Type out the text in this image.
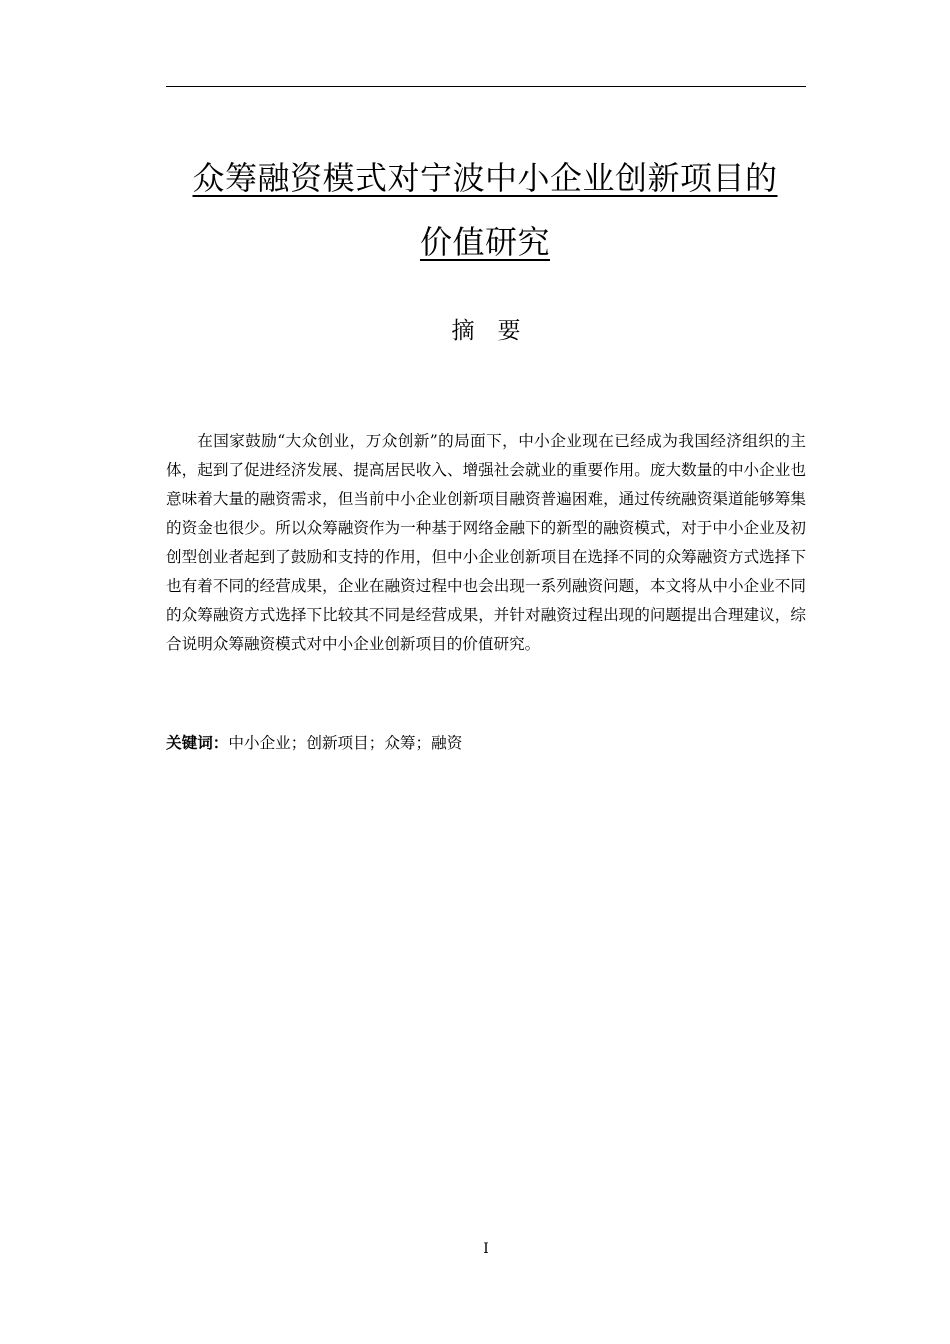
众筹融资模式对宁波中小企业创新项目的
价值研究
摘　要

在国家鼓励“大众创业，万众创新”的局面下，中小企业现在已经成为我国经济组织的主体，起到了促进经济发展、提高居民收入、增强社会就业的重要作用。庞大数量的中小企业也意味着大量的融资需求，但当前中小企业创新项目融资普遍困难，通过传统融资渠道能够筹集的资金也很少。所以众筹融资作为一种基于网络金融下的新型的融资模式，对于中小企业及初创型创业者起到了鼓励和支持的作用，但中小企业创新项目在选择不同的众筹融资方式选择下也有着不同的经营成果，企业在融资过程中也会出现一系列融资问题，本文将从中小企业不同的众筹融资方式选择下比较其不同是经营成果，并针对融资过程出现的问题提出合理建议，综合说明众筹融资模式对中小企业创新项目的价值研究。

关键词：中小企业；创新项目；众筹；融资
I
